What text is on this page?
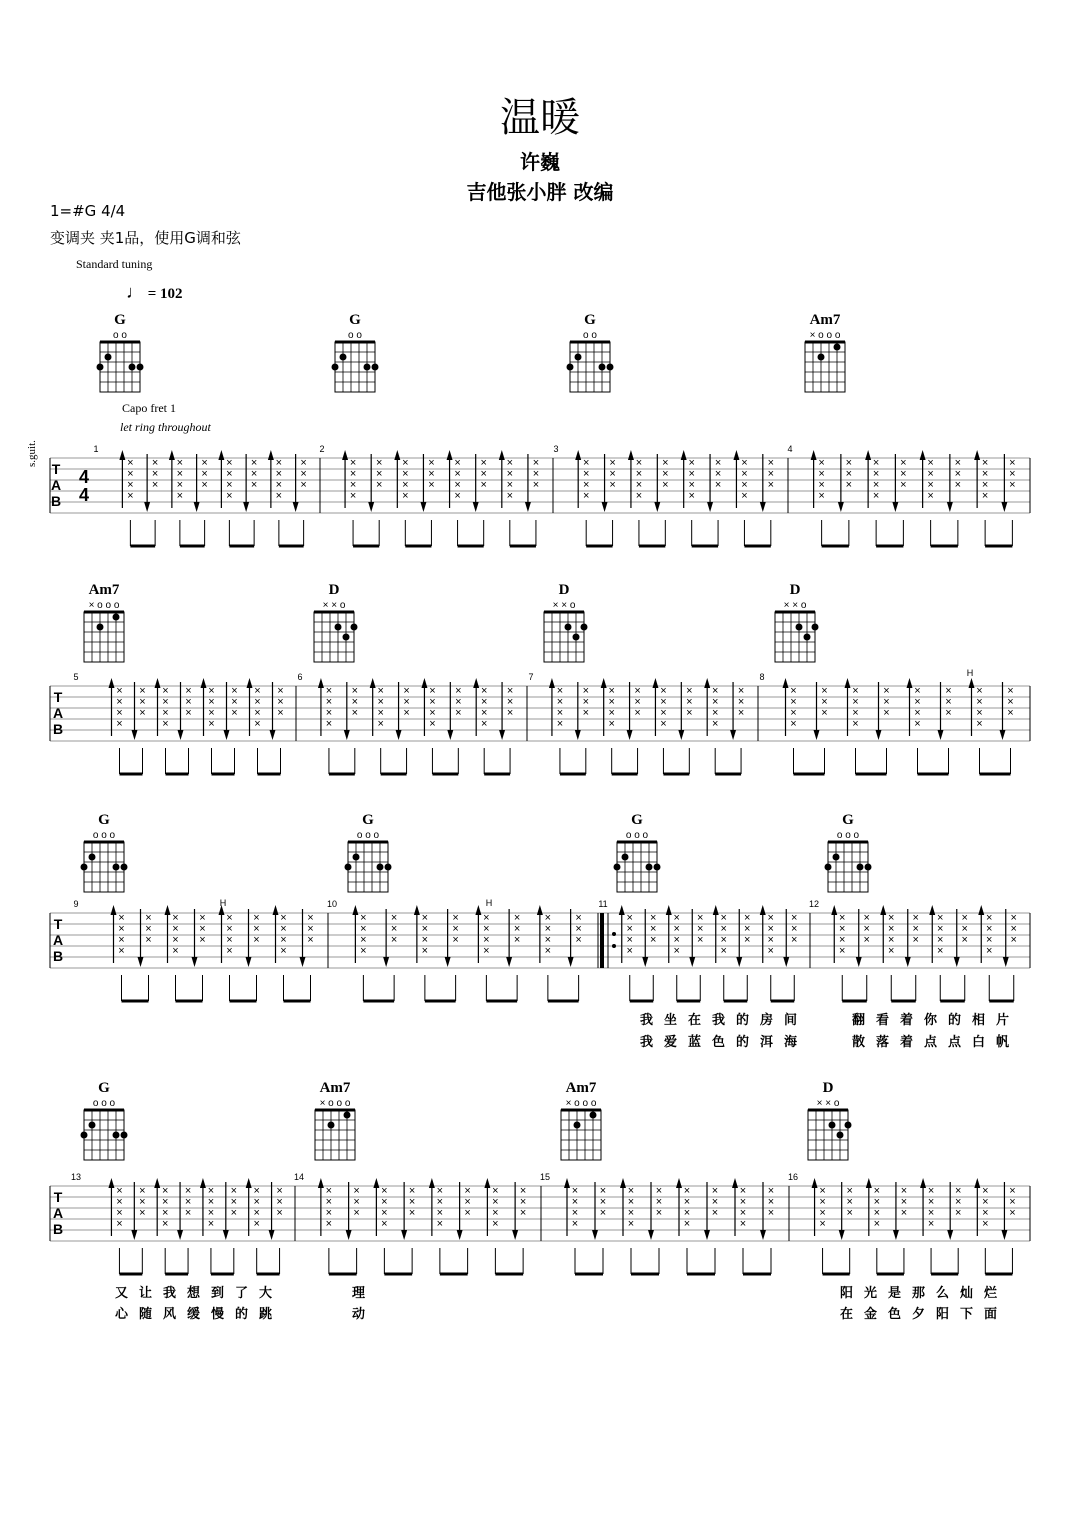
温暖
许巍
吉他张小胖 改编
1=#G 4/4
变调夹 夹1品，使用G调和弦
Standard tuning
♩ = 102
Capo fret 1
let ring throughout
s.guit.
G	G	G	Am7
Am7	D	D	D
G	G	G	G
G	Am7	Am7	D
我坐在我的房间	翻看着你的相片
我爱蓝色的洱海	散落着点点白帆
又让我想到了大	理	阳光是那么灿烂
心随风缓慢的跳	动	在金色夕阳下面
o o	o o	o o	× o o o
× o o o	× × o	× × o	× × o
o o o	o o o	o o o	o o o
o o o	× o o o	× o o o	× × o
T
A
B
4
4
1	2	3	4
×
×
×
×
×
×
×
×
×
×
×
×
×
×
×
×
×
×
×
×
×
×
×
×
×
×
×
×
×
×
×
×
×
×
×
×
×
×
×
×
×
×
×
×
×
×
×
×
×
×
×
×
×
×
×
×
×
×
×
×
×
×
×
×
×
×
×
×
×
×
×
×
×
×
×
×
×
×
×
×
×
×
×
×
×
×
×
×
×
×
×
×
×
×
×
×
×
×
×
×
×
×
×
×
×
×
×
×
×
×
×
×
T
A
B
5	6	7	8
×
×
×
×
×
×
×
×
×
×
×
×
×
×
×
×
×
×
×
×
×
×
×
×
×
×
×
×
×
×
×
×
×
×
×
×
×
×
×
×
×
×
×
×
×
×
×
×
×
×
×
×
×
×
×
×
×
×
×
×
×
×
×
×
×
×
×
×
×
×
×
×
×
×
×
×
×
×
×
×
×
×
×
×
×
×
×
×
×
×
×
×
×
×
×
×
×
×
×
×
×
×
×
×
×
×
×
×
×
×
×
×
T
A
B
9	10	11	12
×
×
×
×
×
×
×
×
×
×
×
×
×
×
×
×
×
×
×
×
×
×
×
×
×
×
×
×
×
×
×
×
×
×
×
×
×
×
×
×
×
×
×
×
×
×
×
×
×
×
×
×
×
×
×
×
×
×
×
×
×
×
×
×
×
×
×
×
×
×
×
×
×
×
×
×
×
×
×
×
×
×
×
×
×
×
×
×
×
×
×
×
×
×
×
×
×
×
×
×
×
×
×
×
×
×
×
×
×
×
×
×
T
A
B
13	14	15	16
×
×
×
×
×
×
×
×
×
×
×
×
×
×
×
×
×
×
×
×
×
×
×
×
×
×
×
×
×
×
×
×
×
×
×
×
×
×
×
×
×
×
×
×
×
×
×
×
×
×
×
×
×
×
×
×
×
×
×
×
×
×
×
×
×
×
×
×
×
×
×
×
×
×
×
×
×
×
×
×
×
×
×
×
×
×
×
×
×
×
×
×
×
×
×
×
×
×
×
×
×
×
×
×
×
×
×
×
×
×
×
×
H
H	H
